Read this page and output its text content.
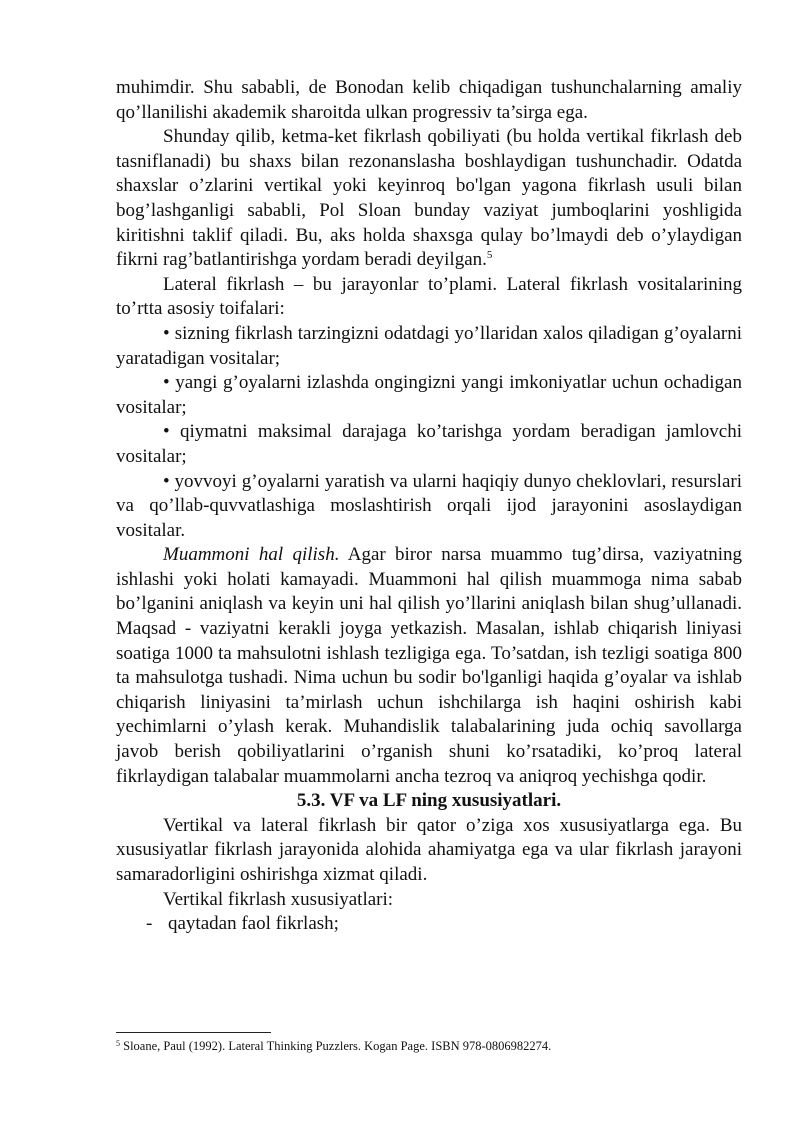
muhimdir. Shu sababli, de Bonodan kelib chiqadigan tushunchalarning amaliy qo’llanilishi akademik sharoitda ulkan progressiv ta’sirga ega.

Shunday qilib, ketma-ket fikrlash qobiliyati (bu holda vertikal fikrlash deb tasniflanadi) bu shaxs bilan rezonanslasha boshlaydigan tushunchadir. Odatda shaxslar o’zlarini vertikal yoki keyinroq bo'lgan yagona fikrlash usuli bilan bog’lashganligi sababli, Pol Sloan bunday vaziyat jumboqlarini yoshligida kiritishni taklif qiladi. Bu, aks holda shaxsga qulay bo’lmaydi deb o’ylaydigan fikrni rag’batlantirishga yordam beradi deyilgan.$^5$

Lateral fikrlash – bu jarayonlar to’plami. Lateral fikrlash vositalarining to’rtta asosiy toifalari:

• sizning fikrlash tarzingizni odatdagi yo’llaridan xalos qiladigan g’oyalarni yaratadigan vositalar;

• yangi g’oyalarni izlashda ongingizni yangi imkoniyatlar uchun ochadigan vositalar;

• qiymatni maksimal darajaga ko’tarishga yordam beradigan jamlovchi vositalar;

• yovvoyi g’oyalarni yaratish va ularni haqiqiy dunyo cheklovlari, resurslari va qo’llab-quvvatlashiga moslashtirish orqali ijod jarayonini asoslaydigan vositalar.

Muammoni hal qilish. Agar biror narsa muammo tug’dirsa, vaziyatning ishlashi yoki holati kamayadi. Muammoni hal qilish muammoga nima sabab bo’lganini aniqlash va keyin uni hal qilish yo’llarini aniqlash bilan shug’ullanadi. Maqsad - vaziyatni kerakli joyga yetkazish. Masalan, ishlab chiqarish liniyasi soatiga 1000 ta mahsulotni ishlash tezligiga ega. To’satdan, ish tezligi soatiga 800 ta mahsulotga tushadi. Nima uchun bu sodir bo'lganligi haqida g’oyalar va ishlab chiqarish liniyasini ta’mirlash uchun ishchilarga ish haqini oshirish kabi yechimlarni o’ylash kerak. Muhandislik talabalarining juda ochiq savollarga javob berish qobiliyatlarini o’rganish shuni ko’rsatadiki, ko’proq lateral fikrlaydigan talabalar muammolarni ancha tezroq va aniqroq yechishga qodir.

5.3. VF va LF ning xususiyatlari.

Vertikal va lateral fikrlash bir qator o’ziga xos xususiyatlarga ega. Bu xususiyatlar fikrlash jarayonida alohida ahamiyatga ega va ular fikrlash jarayoni samaradorligini oshirishga xizmat qiladi.

Vertikal fikrlash xususiyatlari:

- qaytadan faol fikrlash;

$^5$ Sloane, Paul (1992). Lateral Thinking Puzzlers. Kogan Page. ISBN 978-0806982274.
